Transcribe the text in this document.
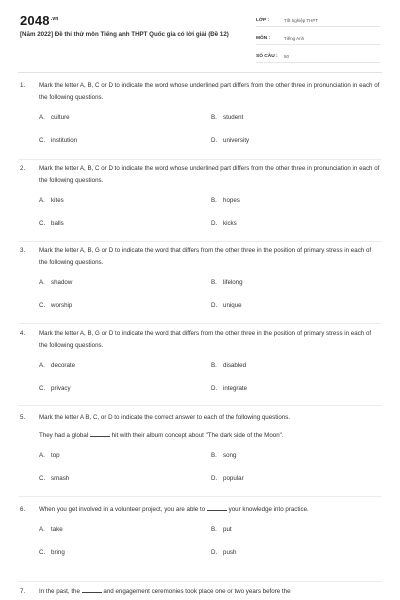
$2048^{.vn}$
[Năm 2022] Đề thi thử môn Tiếng anh THPT Quốc gia có lời giải (Đề 12)
LỚP :	Tốt nghiệp THPT
MÔN :	Tiếng Anh
SỐ CÂU :	50
1.	Mark the letter A, B, C or D to indicate the word whose underlined part differs from the other three in pronunciation in each of the following questions.
A. culture	B. student
C. institution	D. university
2.	Mark the letter A, B, C or D to indicate the word whose underlined part differs from the other three in pronunciation in each of the following questions.
A. kites	B. hopes
C. balls	D. kicks
3.	Mark the letter A, B, G or D to indicate the word that differs from the other three in the position of primary stress in each of the following questions.
A. shadow	B. lifelong
C. worship	D. unique
4.	Mark the letter A, B, G or D to indicate the word that differs from the other three in the position of primary stress in each of the following questions.
A. decorate	B. disabled
C. privacy	D. integrate
5.	Mark the letter A B, C, or D to indicate the correct answer to each of the following questions.
They had a global	hit with their album concept about "The dark side of the Moon".
A. top	B. song
C. smash	D. popular
6.	When you get involved in a volunteer project, you are able to	your knowledge into practice.
A. take	B. put
C. bring	D. push
7.	In the past, the	and engagement ceremonies took place one or two years before the
